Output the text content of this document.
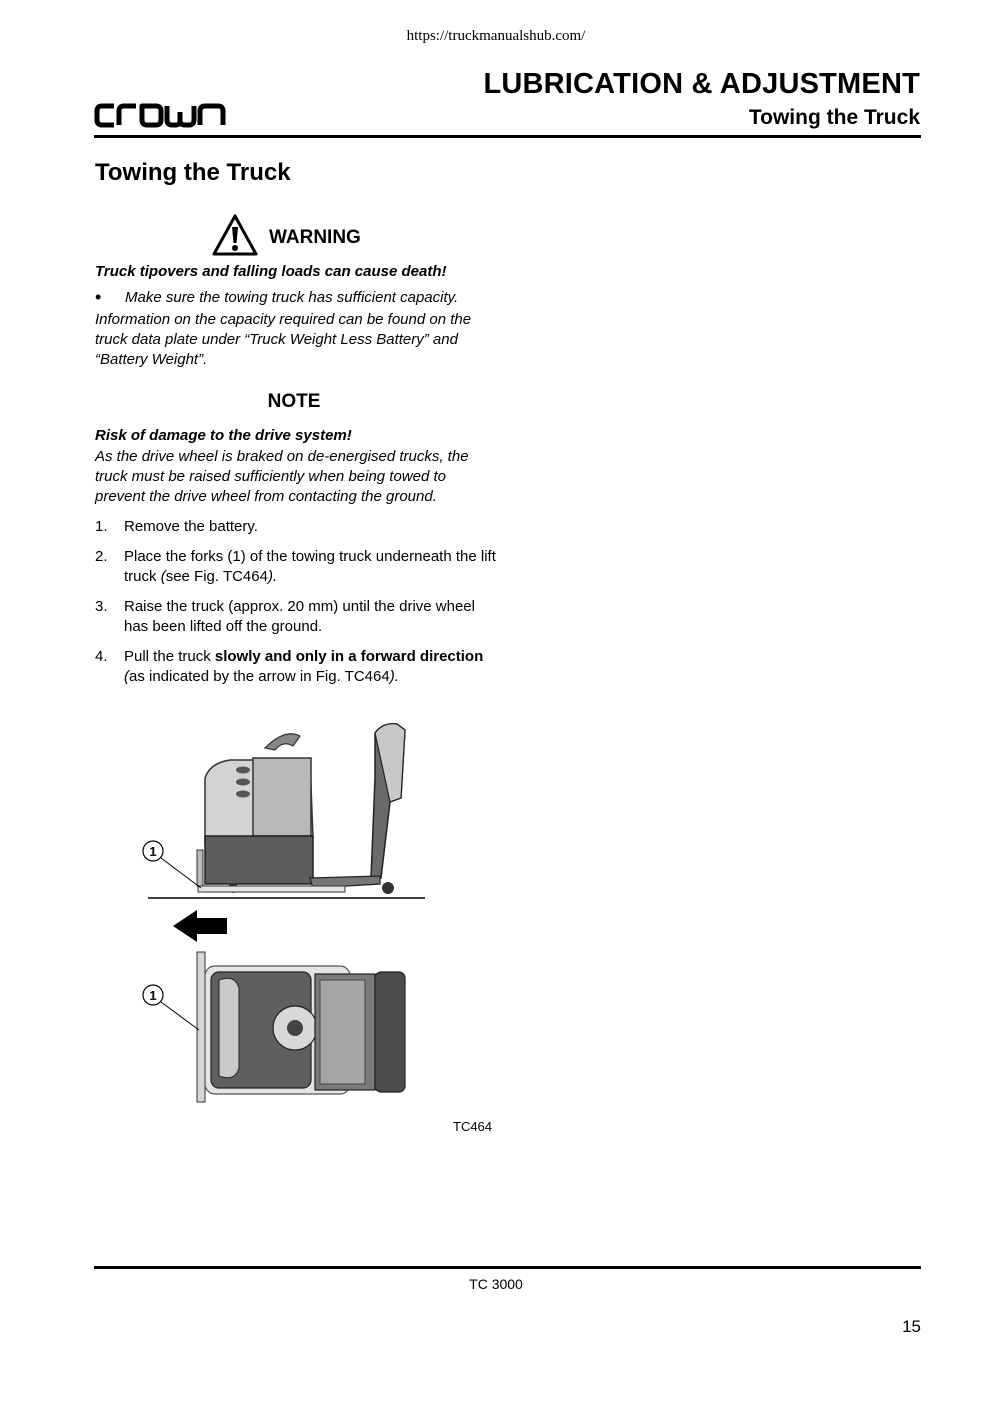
https://truckmanualshub.com/
LUBRICATION & ADJUSTMENT
Towing the Truck
Towing the Truck
WARNING
Truck tipovers and falling loads can cause death!
• Make sure the towing truck has sufficient capacity.
Information on the capacity required can be found on the truck data plate under “Truck Weight Less Battery” and “Battery Weight”.
NOTE
Risk of damage to the drive system!
As the drive wheel is braked on de-energised trucks, the truck must be raised sufficiently when being towed to prevent the drive wheel from contacting the ground.
1. Remove the battery.
2. Place the forks (1) of the towing truck underneath the lift truck (see Fig. TC464).
3. Raise the truck (approx. 20 mm) until the drive wheel has been lifted off the ground.
4. Pull the truck slowly and only in a forward direction (as indicated by the arrow in Fig. TC464).
1
1
TC464
TC 3000
15
